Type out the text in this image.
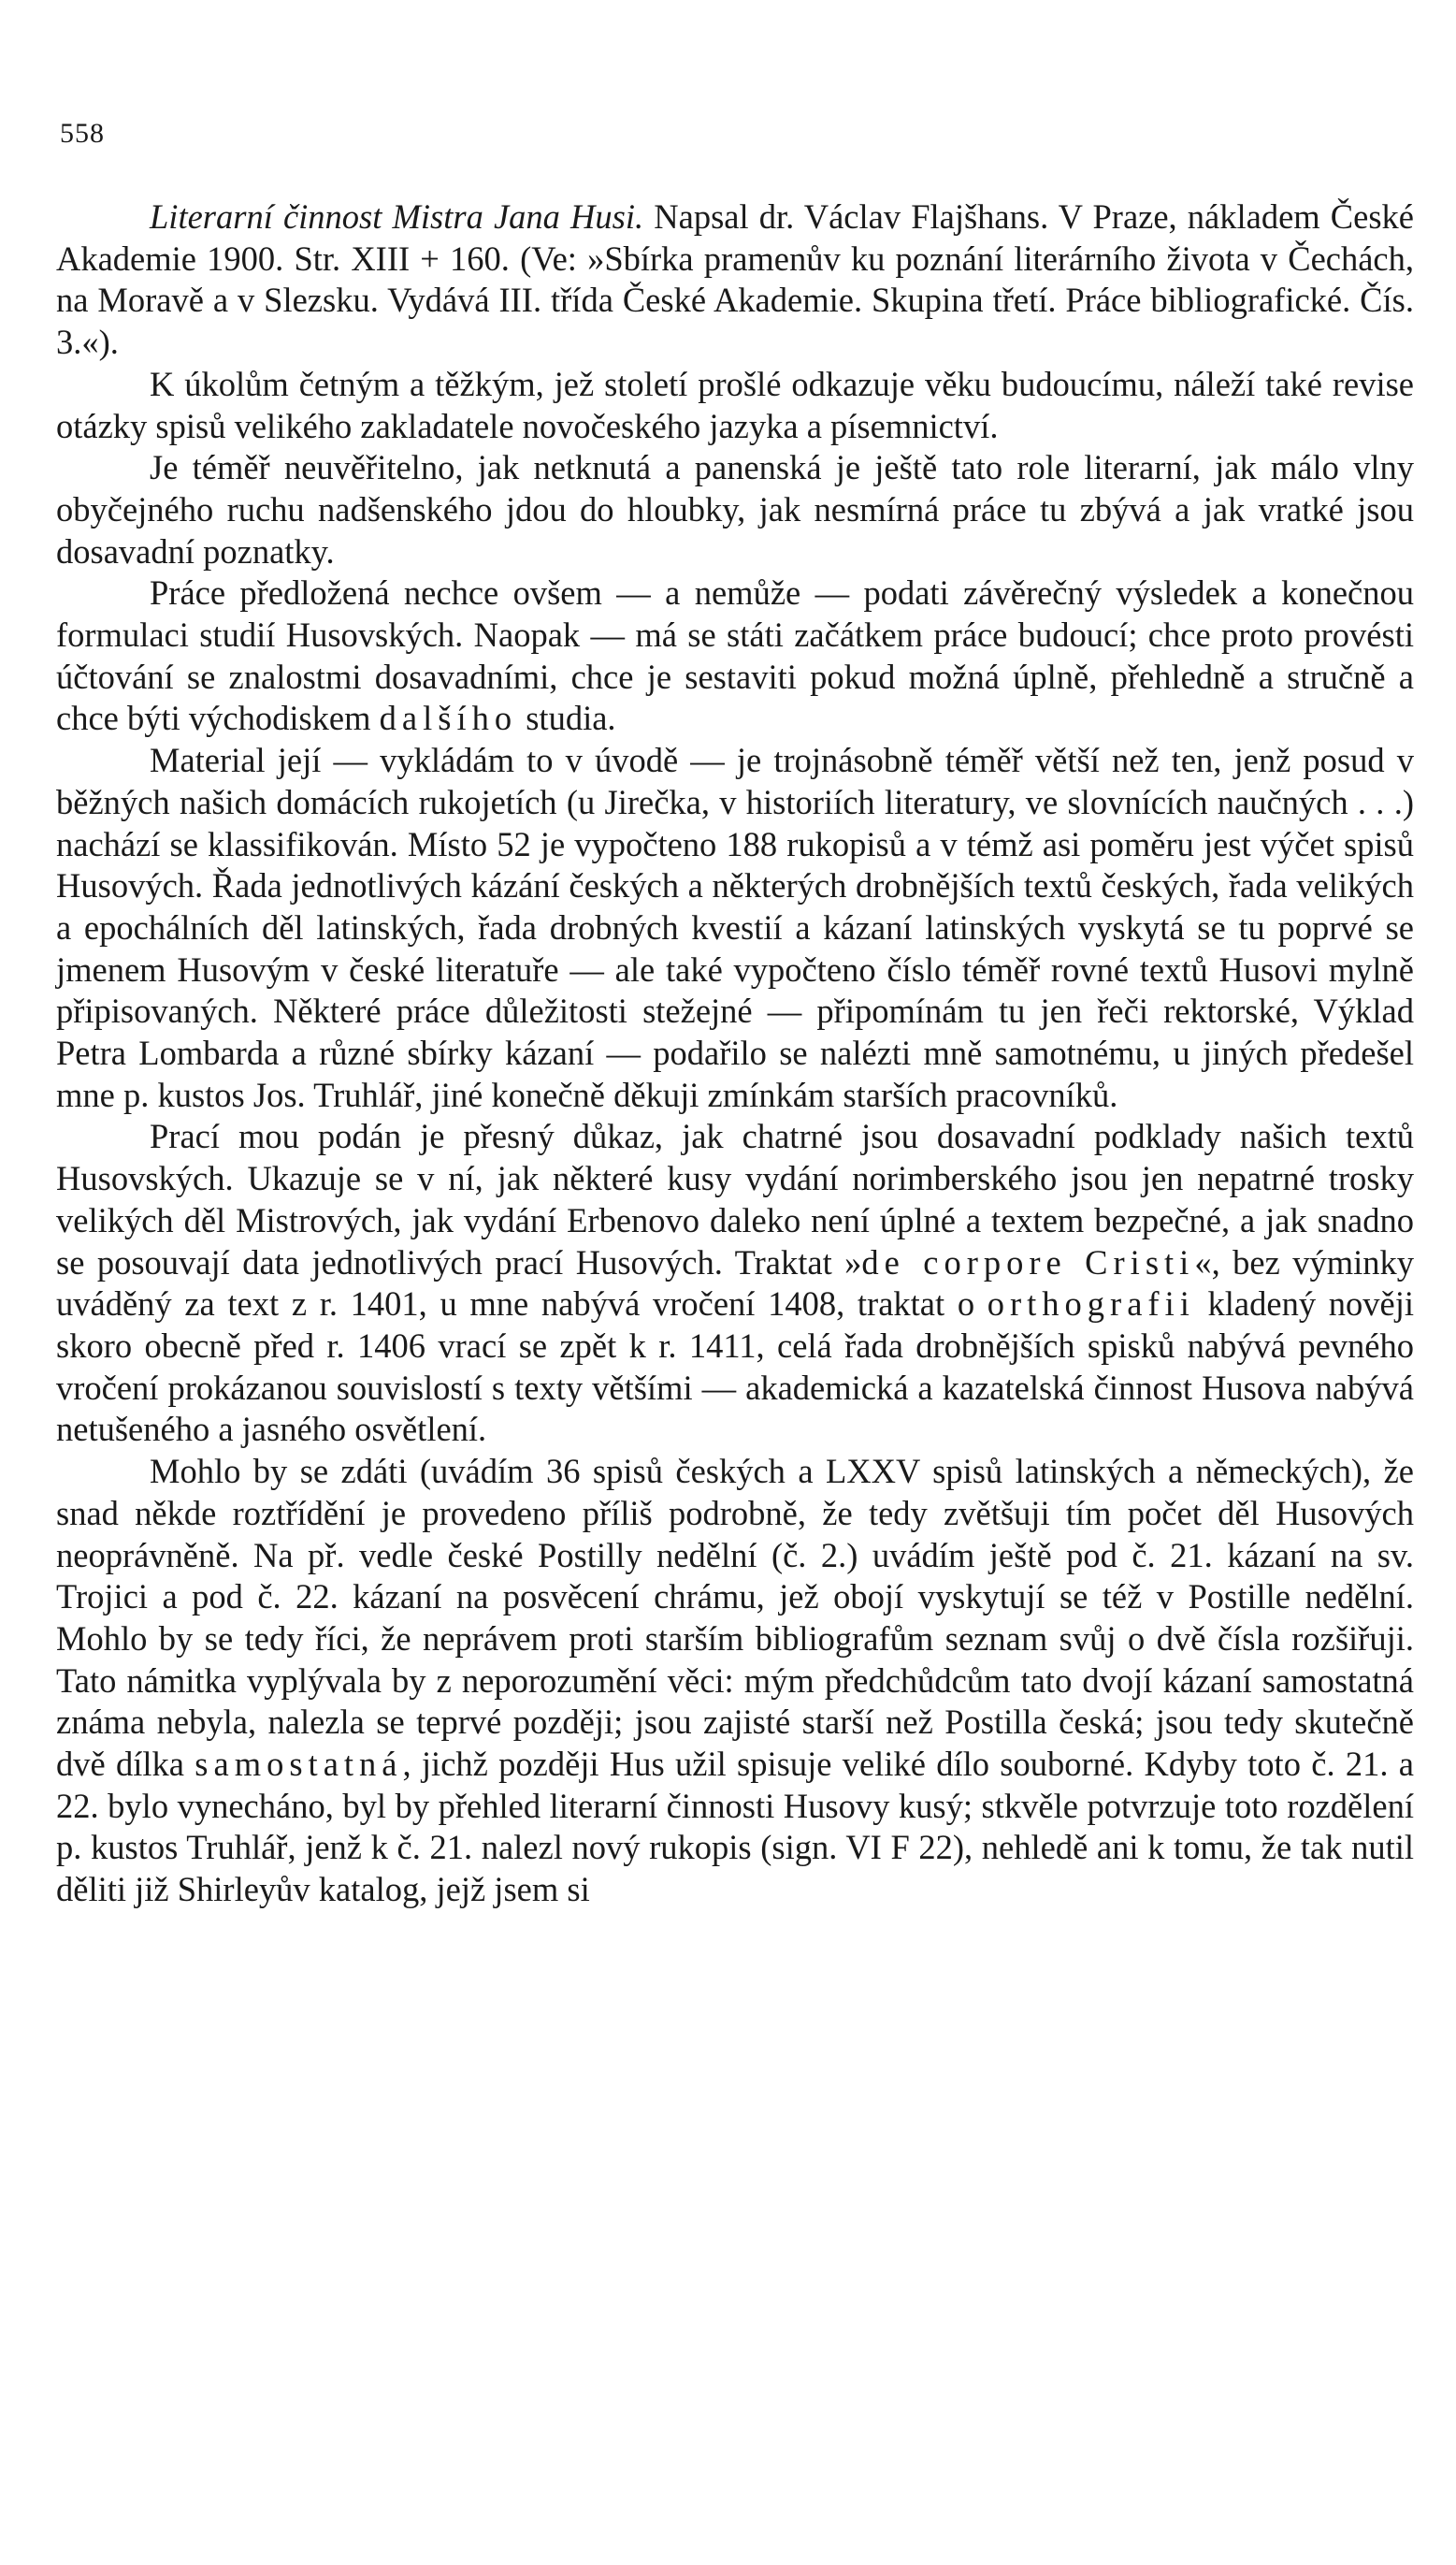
558

Literarní činnost Mistra Jana Husi. Napsal dr. Václav Flajšhans. V Praze, nákladem České Akademie 1900. Str. XIII + 160. (Ve: »Sbírka pramenův ku poznání literárního života v Čechách, na Moravě a v Slezsku. Vydává III. třída České Akademie. Skupina třetí. Práce bibliografické. Čís. 3.«).

K úkolům četným a těžkým, jež století prošlé odkazuje věku budoucímu, náleží také revise otázky spisů velikého zakladatele novočeského jazyka a písemnictví.

Je téměř neuvěřitelno, jak netknutá a panenská je ještě tato role literarní, jak málo vlny obyčejného ruchu nadšenského jdou do hloubky, jak nesmírná práce tu zbývá a jak vratké jsou dosavadní poznatky.

Práce předložená nechce ovšem — a nemůže — podati závěrečný výsledek a konečnou formulaci studií Husovských. Naopak — má se státi začátkem práce budoucí; chce proto provésti účtování se znalostmi dosavadními, chce je sestaviti pokud možná úplně, přehledně a stručně a chce býti východiskem dalšího studia.

Material její — vykládám to v úvodě — je trojnásobně téměř větší než ten, jenž posud v běžných našich domácích rukojetích (u Jirečka, v historiích literatury, ve slovnících naučných . . .) nachází se klassifikován. Místo 52 je vypočteno 188 rukopisů a v témž asi poměru jest výčet spisů Husových. Řada jednotlivých kázání českých a některých drobnějších textů českých, řada velikých a epochálních děl latinských, řada drobných kvestií a kázaní latinských vyskytá se tu poprvé se jmenem Husovým v české literatuře — ale také vypočteno číslo téměř rovné textů Husovi mylně připisovaných. Některé práce důležitosti stežejné — připomínám tu jen řeči rektorské, Výklad Petra Lombarda a různé sbírky kázaní — podařilo se nalézti mně samotnému, u jiných předešel mne p. kustos Jos. Truhlář, jiné konečně děkuji zmínkám starších pracovníků.

Prací mou podán je přesný důkaz, jak chatrné jsou dosavadní podklady našich textů Husovských. Ukazuje se v ní, jak některé kusy vydání norimberského jsou jen nepatrné trosky velikých děl Mistrových, jak vydání Erbenovo daleko není úplné a textem bezpečné, a jak snadno se posouvají data jednotlivých prací Husových. Traktat »de corpore Cristi«, bez výminky uváděný za text z r. 1401, u mne nabývá vročení 1408, traktat o orthografii kladený nověji skoro obecně před r. 1406 vrací se zpět k r. 1411, celá řada drobnějších spisků nabývá pevného vročení prokázanou souvislostí s texty většími — akademická a kazatelská činnost Husova nabývá netušeného a jasného osvětlení.

Mohlo by se zdáti (uvádím 36 spisů českých a LXXV spisů latinských a německých), že snad někde roztřídění je provedeno příliš podrobně, že tedy zvětšuji tím počet děl Husových neoprávněně. Na př. vedle české Postilly nedělní (č. 2.) uvádím ještě pod č. 21. kázaní na sv. Trojici a pod č. 22. kázaní na posvěcení chrámu, jež obojí vyskytují se též v Postille nedělní. Mohlo by se tedy říci, že neprávem proti starším bibliografům seznam svůj o dvě čísla rozšiřuji. Tato námitka vyplývala by z neporozumění věci: mým předchůdcům tato dvojí kázaní samostatná známa nebyla, nalezla se teprvé později; jsou zajisté starší než Postilla česká; jsou tedy skutečně dvě dílka samostatná, jichž později Hus užil spisuje veliké dílo souborné. Kdyby toto č. 21. a 22. bylo vynecháno, byl by přehled literarní činnosti Husovy kusý; stkvěle potvrzuje toto rozdělení p. kustos Truhlář, jenž k č. 21. nalezl nový rukopis (sign. VI F 22), nehledě ani k tomu, že tak nutil děliti již Shirleyův katalog, jejž jsem si
